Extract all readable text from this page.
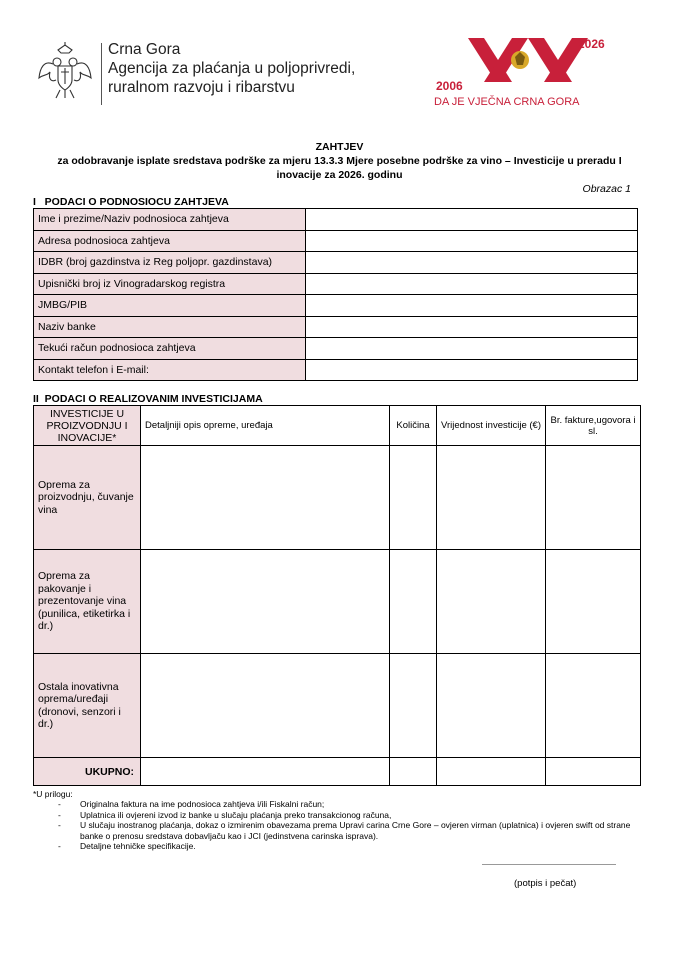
Crna Gora
Agencija za plaćanja u poljoprivredi,
ruralnom razvoju i ribarstvu
2026
2006
DA JE VJEČNA CRNA GORA
ZAHTJEV
za odobravanje isplate sredstava podrške za mjeru 13.3.3 Mjere posebne podrške za vino – Investicije u preradu I
inovacije za 2026. godinu
Obrazac 1
I   PODACI O PODNOSIOCU ZAHTJEVA
Ime i prezime/Naziv podnosioca zahtjeva	
Adresa podnosioca zahtjeva	
IDBR (broj gazdinstva iz Reg poljopr. gazdinstava)	
Upisnički broj iz Vinogradarskog registra	
JMBG/PIB	
Naziv banke	
Tekući račun podnosioca zahtjeva	
Kontakt telefon i E-mail:	
II  PODACI O REALIZOVANIM INVESTICIJAMA
INVESTICIJE U PROIZVODNJU I INOVACIJE*	Detaljniji opis opreme, uređaja	Količina	Vrijednost investicije (€)	Br. fakture,ugovora i sl.
Oprema za proizvodnju, čuvanje vina				
Oprema za pakovanje i prezentovanje vina (punilica, etiketirka i dr.)				
Ostala inovativna oprema/uređaji (dronovi, senzori i dr.)				
UKUPNO:				
*U prilogu:
- Originalna faktura na ime podnosioca zahtjeva i/ili Fiskalni račun;
- Uplatnica ili ovjereni izvod iz banke u slučaju plaćanja preko transakcionog računa,
- U slučaju inostranog plaćanja, dokaz o izmirenim obavezama prema Upravi carina Crne Gore – ovjeren virman (uplatnica) i ovjeren swift od strane banke o prenosu sredstava dobavljaču kao i JCI (jedinstvena carinska isprava).
- Detaljne tehničke specifikacije.
(potpis i pečat)
